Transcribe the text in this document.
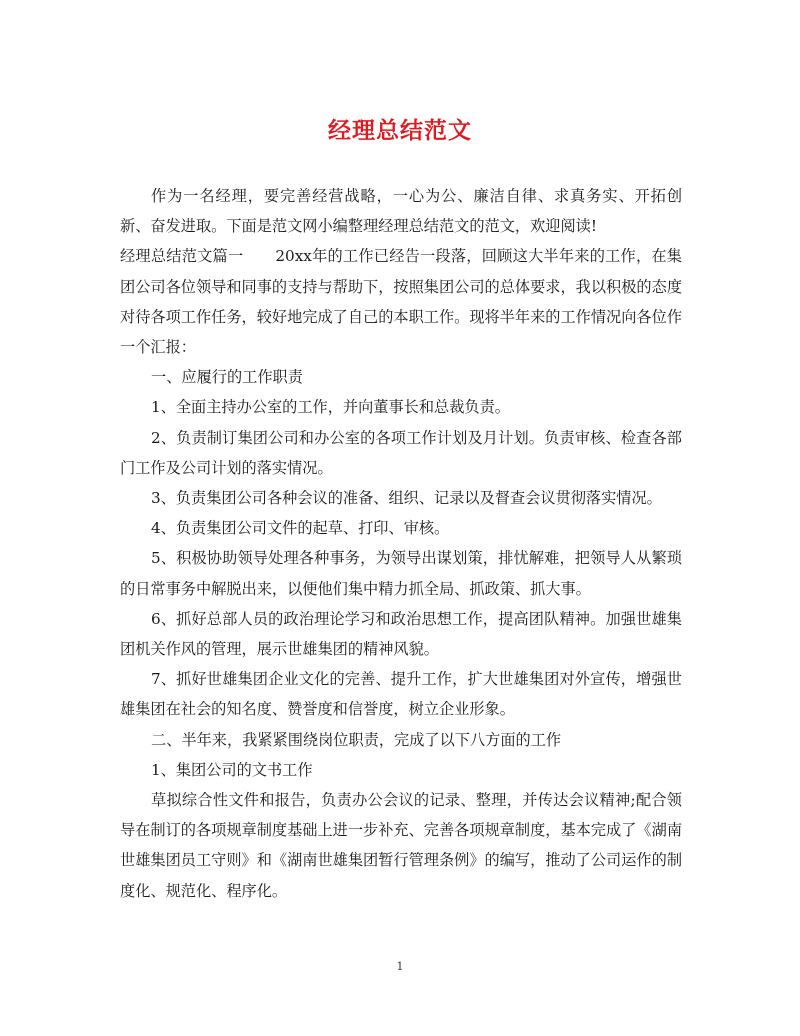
经理总结范文

作为一名经理，要完善经营战略，一心为公、廉洁自律、求真务实、开拓创新、奋发进取。下面是范文网小编整理经理总结范文的范文，欢迎阅读!

经理总结范文篇一 20xx年的工作已经告一段落，回顾这大半年来的工作，在集团公司各位领导和同事的支持与帮助下，按照集团公司的总体要求，我以积极的态度对待各项工作任务，较好地完成了自己的本职工作。现将半年来的工作情况向各位作一个汇报：

一、应履行的工作职责

1、全面主持办公室的工作，并向董事长和总裁负责。

2、负责制订集团公司和办公室的各项工作计划及月计划。负责审核、检查各部门工作及公司计划的落实情况。

3、负责集团公司各种会议的准备、组织、记录以及督查会议贯彻落实情况。

4、负责集团公司文件的起草、打印、审核。

5、积极协助领导处理各种事务，为领导出谋划策，排忧解难，把领导人从繁琐的日常事务中解脱出来，以便他们集中精力抓全局、抓政策、抓大事。

6、抓好总部人员的政治理论学习和政治思想工作，提高团队精神。加强世雄集团机关作风的管理，展示世雄集团的精神风貌。

7、抓好世雄集团企业文化的完善、提升工作，扩大世雄集团对外宣传，增强世雄集团在社会的知名度、赞誉度和信誉度，树立企业形象。

二、半年来，我紧紧围绕岗位职责，完成了以下八方面的工作

1、集团公司的文书工作

草拟综合性文件和报告，负责办公会议的记录、整理，并传达会议精神;配合领导在制订的各项规章制度基础上进一步补充、完善各项规章制度，基本完成了《湖南世雄集团员工守则》和《湖南世雄集团暂行管理条例》的编写，推动了公司运作的制度化、规范化、程序化。

1
